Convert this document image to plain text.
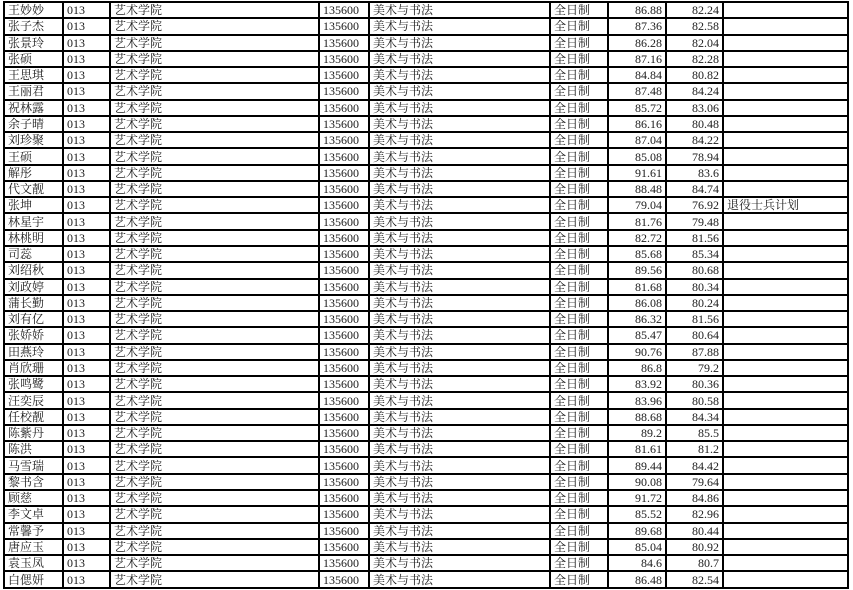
王妙妙	013	艺术学院	135600	美术与书法	全日制	86.88	82.24	
张子杰	013	艺术学院	135600	美术与书法	全日制	87.36	82.58	
张景玲	013	艺术学院	135600	美术与书法	全日制	86.28	82.04	
张硕	013	艺术学院	135600	美术与书法	全日制	87.16	82.28	
王思琪	013	艺术学院	135600	美术与书法	全日制	84.84	80.82	
王丽君	013	艺术学院	135600	美术与书法	全日制	87.48	84.24	
祝林露	013	艺术学院	135600	美术与书法	全日制	85.72	83.06	
余子晴	013	艺术学院	135600	美术与书法	全日制	86.16	80.48	
刘珍聚	013	艺术学院	135600	美术与书法	全日制	87.04	84.22	
王硕	013	艺术学院	135600	美术与书法	全日制	85.08	78.94	
解彤	013	艺术学院	135600	美术与书法	全日制	91.61	83.6	
代文靓	013	艺术学院	135600	美术与书法	全日制	88.48	84.74	
张坤	013	艺术学院	135600	美术与书法	全日制	79.04	76.92	退役士兵计划
林星宇	013	艺术学院	135600	美术与书法	全日制	81.76	79.48	
林桃明	013	艺术学院	135600	美术与书法	全日制	82.72	81.56	
司蕊	013	艺术学院	135600	美术与书法	全日制	85.68	85.34	
刘绍秋	013	艺术学院	135600	美术与书法	全日制	89.56	80.68	
刘政婷	013	艺术学院	135600	美术与书法	全日制	81.68	80.34	
蒲长勤	013	艺术学院	135600	美术与书法	全日制	86.08	80.24	
刘有亿	013	艺术学院	135600	美术与书法	全日制	86.32	81.56	
张娇娇	013	艺术学院	135600	美术与书法	全日制	85.47	80.64	
田燕玲	013	艺术学院	135600	美术与书法	全日制	90.76	87.88	
肖欣珊	013	艺术学院	135600	美术与书法	全日制	86.8	79.2	
张鸣鹭	013	艺术学院	135600	美术与书法	全日制	83.92	80.36	
汪奕辰	013	艺术学院	135600	美术与书法	全日制	83.96	80.58	
任校靓	013	艺术学院	135600	美术与书法	全日制	88.68	84.34	
陈紫丹	013	艺术学院	135600	美术与书法	全日制	89.2	85.5	
陈洪	013	艺术学院	135600	美术与书法	全日制	81.61	81.2	
马雪瑞	013	艺术学院	135600	美术与书法	全日制	89.44	84.42	
黎书含	013	艺术学院	135600	美术与书法	全日制	90.08	79.64	
顾慈	013	艺术学院	135600	美术与书法	全日制	91.72	84.86	
李文卓	013	艺术学院	135600	美术与书法	全日制	85.52	82.96	
常馨予	013	艺术学院	135600	美术与书法	全日制	89.68	80.44	
唐应玉	013	艺术学院	135600	美术与书法	全日制	85.04	80.92	
袁玉凤	013	艺术学院	135600	美术与书法	全日制	84.6	80.7	
白偲妍	013	艺术学院	135600	美术与书法	全日制	86.48	82.54	
